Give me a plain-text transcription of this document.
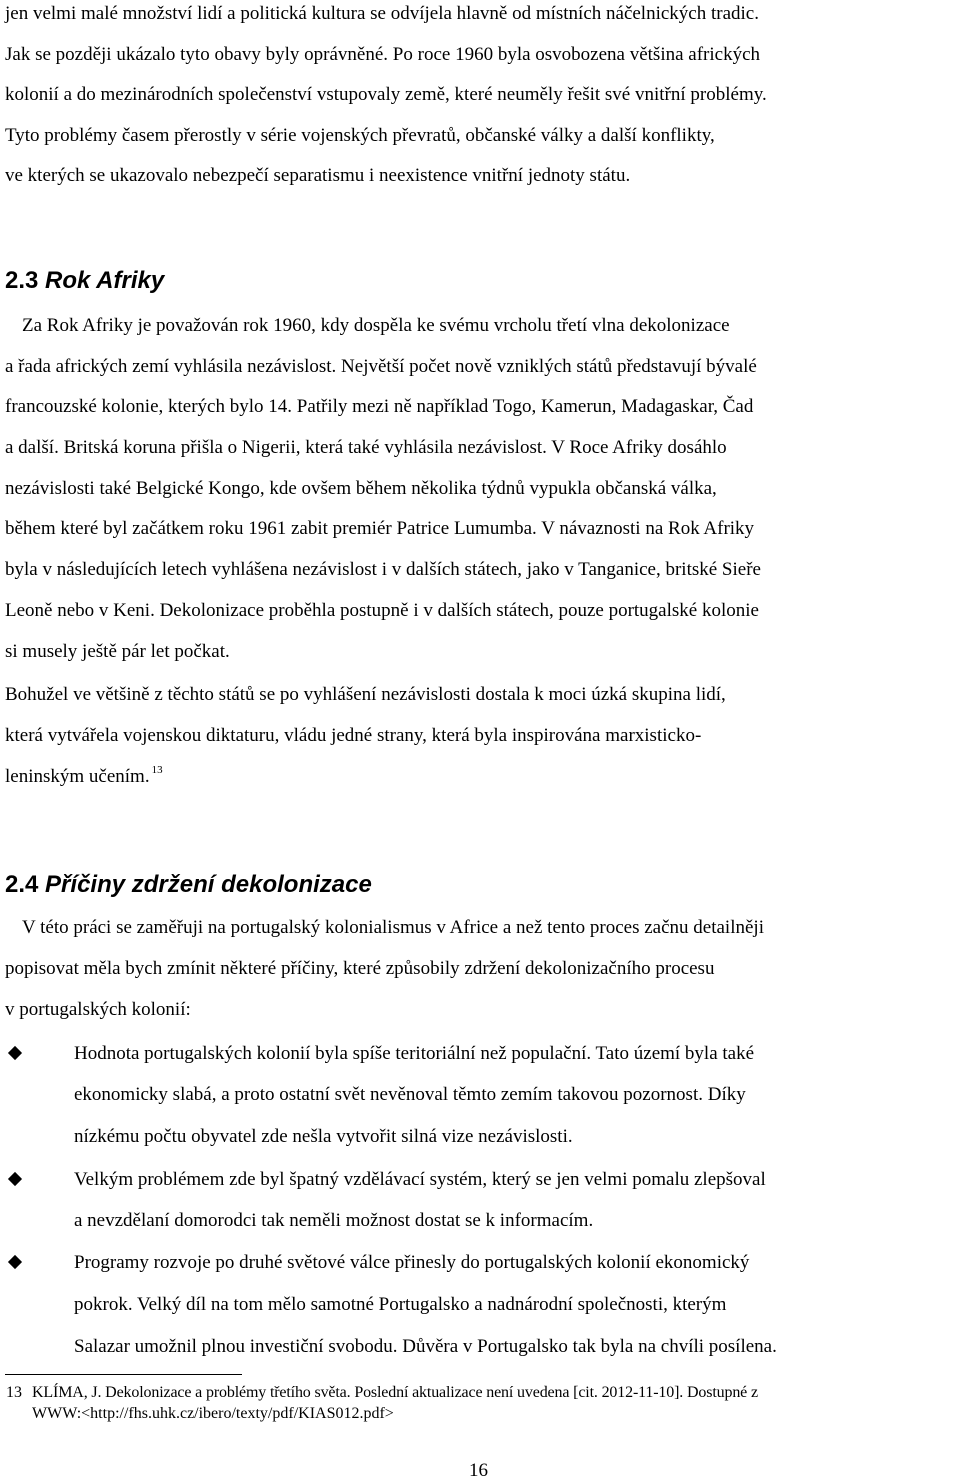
jen velmi malé množství lidí a politická kultura se odvíjela hlavně od místních náčelnických tradic.
Jak se později ukázalo tyto obavy byly oprávněné. Po roce 1960 byla osvobozena většina afrických
kolonií a do mezinárodních společenství vstupovaly země, které neuměly řešit své vnitřní problémy.
Tyto problémy časem přerostly v série vojenských převratů, občanské války a další konflikty,
ve kterých se ukazovalo nebezpečí separatismu i neexistence vnitřní jednoty státu.
2.3 Rok Afriky
Za Rok Afriky je považován rok 1960, kdy dospěla ke svému vrcholu třetí vlna dekolonizace
a řada afrických zemí vyhlásila nezávislost. Největší počet nově vzniklých států představují bývalé
francouzské kolonie, kterých bylo 14. Patřily mezi ně například Togo, Kamerun, Madagaskar, Čad
a další. Britská koruna přišla o Nigerii, která také vyhlásila nezávislost. V Roce Afriky dosáhlo
nezávislosti také Belgické Kongo, kde ovšem během několika týdnů vypukla občanská válka,
během které byl začátkem roku 1961 zabit premiér Patrice Lumumba. V návaznosti na Rok Afriky
byla v následujících letech vyhlášena nezávislost i v dalších státech, jako v Tanganice, britské Sieře
Leoně nebo v Keni. Dekolonizace proběhla postupně i v dalších státech, pouze portugalské kolonie
si musely ještě pár let počkat.
Bohužel ve většině z těchto států se po vyhlášení nezávislosti dostala k moci úzká skupina lidí,
která vytvářela vojenskou diktaturu, vládu jedné strany, která byla inspirována marxisticko-
leninským učením. $^{13}$
2.4 Příčiny zdržení dekolonizace
V této práci se zaměřuji na portugalský kolonialismus v Africe a než tento proces začnu detailněji
popisovat měla bych zmínit některé příčiny, které způsobily zdržení dekolonizačního procesu
v portugalských kolonií:
Hodnota portugalských kolonií byla spíše teritoriální než populační. Tato území byla také
ekonomicky slabá, a proto ostatní svět nevěnoval těmto zemím takovou pozornost. Díky
nízkému počtu obyvatel zde nešla vytvořit silná vize nezávislosti.
Velkým problémem zde byl špatný vzdělávací systém, který se jen velmi pomalu zlepšoval
a nevzdělaní domorodci tak neměli možnost dostat se k informacím.
Programy rozvoje po druhé světové válce přinesly do portugalských kolonií ekonomický
pokrok. Velký díl na tom mělo samotné Portugalsko a nadnárodní společnosti, kterým
Salazar umožnil plnou investiční svobodu. Důvěra v Portugalsko tak byla na chvíli posílena.
13 KLÍMA, J. Dekolonizace a problémy třetího světa. Poslední aktualizace není uvedena [cit. 2012-11-10]. Dostupné z
WWW:<http://fhs.uhk.cz/ibero/texty/pdf/KIAS012.pdf>
16
